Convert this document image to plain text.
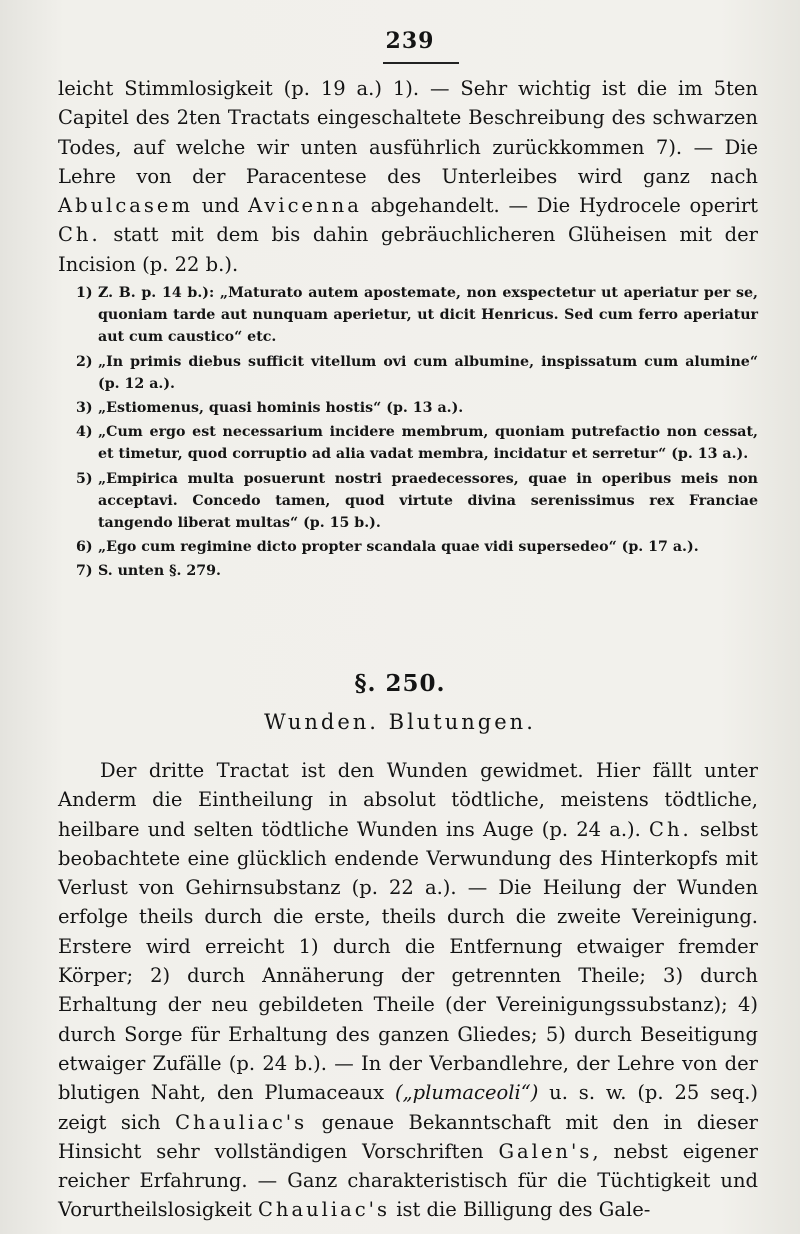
239

leicht Stimmlosigkeit (p. 19 a.) 1). — Sehr wichtig ist die im 5ten Capitel des 2ten Tractats eingeschaltete Beschreibung des schwarzen Todes, auf welche wir unten ausführlich zurückkommen 7). — Die Lehre von der Paracentese des Unterleibes wird ganz nach Abulcasem und Avicenna abgehandelt. — Die Hydrocele operirt Ch. statt mit dem bis dahin gebräuchlicheren Glüheisen mit der Incision (p. 22 b.).

1) Z. B. p. 14 b.): „Maturato autem apostemate, non exspectetur ut aperiatur per se, quoniam tarde aut nunquam aperietur, ut dicit Henricus. Sed cum ferro aperiatur aut cum caustico“ etc.
2) „In primis diebus sufficit vitellum ovi cum albumine, inspissatum cum alumine“ (p. 12 a.).
3) „Estiomenus, quasi hominis hostis“ (p. 13 a.).
4) „Cum ergo est necessarium incidere membrum, quoniam putrefactio non cessat, et timetur, quod corruptio ad alia vadat membra, incidatur et serretur“ (p. 13 a.).
5) „Empirica multa posuerunt nostri praedecessores, quae in operibus meis non acceptavi. Concedo tamen, quod virtute divina serenissimus rex Franciae tangendo liberat multas“ (p. 15 b.).
6) „Ego cum regimine dicto propter scandala quae vidi supersedeo“ (p. 17 a.).
7) S. unten §. 279.
§. 250.
Wunden. Blutungen.

Der dritte Tractat ist den Wunden gewidmet. Hier fällt unter Anderm die Eintheilung in absolut tödtliche, meistens tödtliche, heilbare und selten tödtliche Wunden ins Auge (p. 24 a.). Ch. selbst beobachtete eine glücklich endende Verwundung des Hinterkopfs mit Verlust von Gehirnsubstanz (p. 22 a.). — Die Heilung der Wunden erfolge theils durch die erste, theils durch die zweite Vereinigung. Erstere wird erreicht 1) durch die Entfernung etwaiger fremder Körper; 2) durch Annäherung der getrennten Theile; 3) durch Erhaltung der neu gebildeten Theile (der Vereinigungssubstanz); 4) durch Sorge für Erhaltung des ganzen Gliedes; 5) durch Beseitigung etwaiger Zufälle (p. 24 b.). — In der Verbandlehre, der Lehre von der blutigen Naht, den Plumaceaux („plumaceoli“) u. s. w. (p. 25 seq.) zeigt sich Chauliac's genaue Bekanntschaft mit den in dieser Hinsicht sehr vollständigen Vorschriften Galen's, nebst eigener reicher Erfahrung. — Ganz charakteristisch für die Tüchtigkeit und Vorurtheilslosigkeit Chauliac's ist die Billigung des Gale-
